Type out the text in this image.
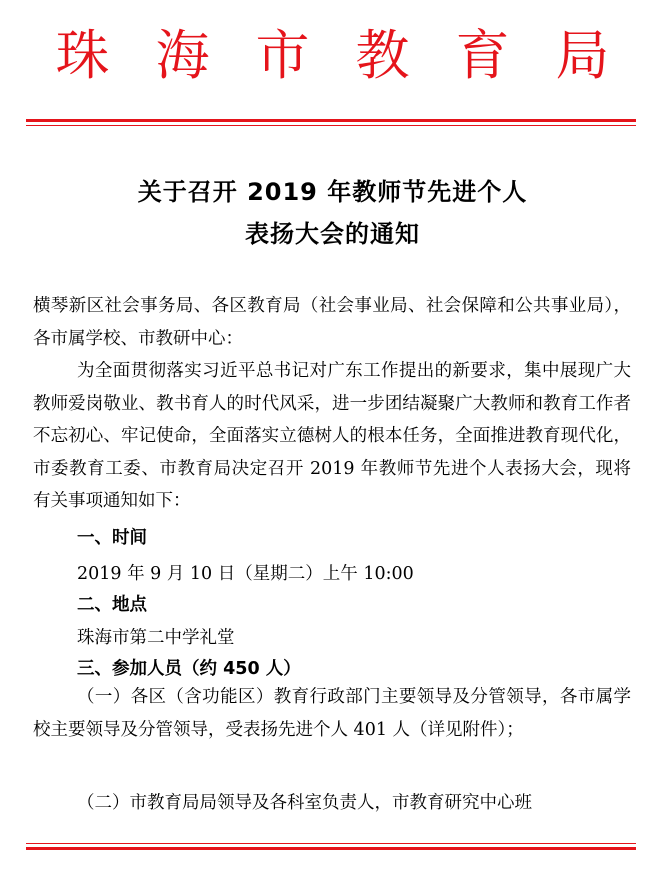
珠海市教育局
关于召开 2019 年教师节先进个人
表扬大会的通知
横琴新区社会事务局、各区教育局（社会事业局、社会保障和公共事业局），各市属学校、市教研中心：
为全面贯彻落实习近平总书记对广东工作提出的新要求，集中展现广大教师爱岗敬业、教书育人的时代风采，进一步团结凝聚广大教师和教育工作者不忘初心、牢记使命，全面落实立德树人的根本任务，全面推进教育现代化，市委教育工委、市教育局决定召开 2019 年教师节先进个人表扬大会，现将有关事项通知如下：
一、时间
2019 年 9 月 10 日（星期二）上午 10:00
二、地点
珠海市第二中学礼堂
三、参加人员（约 450 人）
（一）各区（含功能区）教育行政部门主要领导及分管领导，各市属学校主要领导及分管领导，受表扬先进个人 401 人（详见附件）；
（二）市教育局局领导及各科室负责人，市教育研究中心班
